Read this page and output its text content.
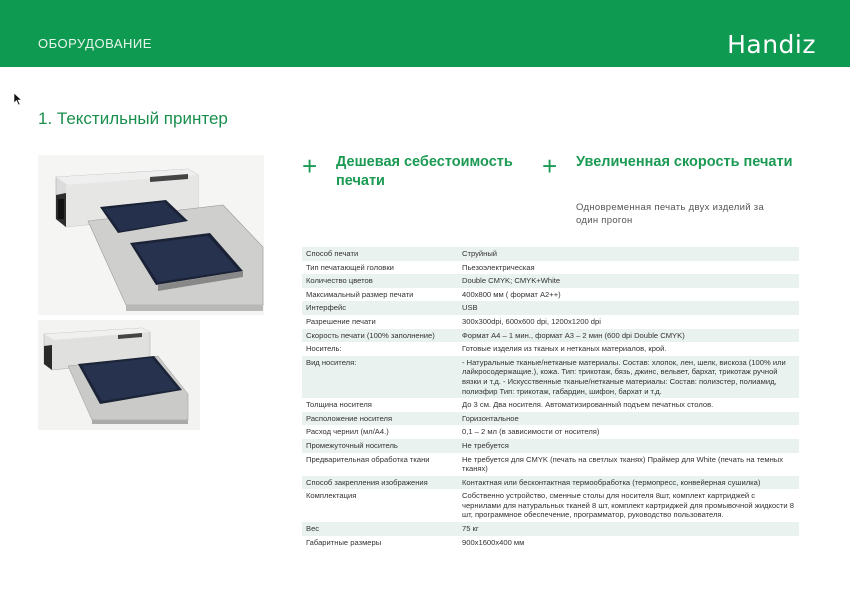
ОБОРУДОВАНИЕ	Handiz
1. Текстильный принтер
+ Дешевая себестоимость печати	+ Увеличенная скорость печати
Одновременная печать двух изделий за один прогон
Способ печати	Струйный
Тип печатающей головки	Пьезоэлектрическая
Количество цветов	Double CMYK; CMYK+White
Максимальный размер печати	400x800 мм ( формат A2++)
Интерфейс	USB
Разрешение печати	300x300dpi, 600x600 dpi, 1200x1200 dpi
Скорость печати (100% заполнение)	Формат А4 – 1 мин., формат А3 – 2 мин (600 dpi Double CMYK)
Носитель:	Готовые изделия из тканых и нетканых материалов, крой.
Вид носителя:	- Натуральные тканые/нетканые материалы. Состав: хлопок, лен, шелк, вискоза (100% или лайкросодержащие.), кожа. Тип: трикотаж, бязь, джинс, вельвет, бархат, трикотаж ручной вязки и т.д. - Искусственные тканые/нетканые материалы: Состав: полиэстер, полиамид, полиэфир Тип: трикотаж, габардин, шифон, бархат и т.д.
Толщина носителя	До 3 см. Два носителя. Автоматизированный подъем печатных столов.
Расположение носителя	Горизонтальное
Расход чернил (мл/А4.)	0,1 – 2 мл (в зависимости от носителя)
Промежуточный носитель	Не требуется
Предварительная обработка ткани	Не требуется для CMYK (печать на светлых тканях) Праймер для White (печать на темных тканях)
Способ закрепления изображения	Контактная или бесконтактная термообработка (термопресс, конвейерная сушилка)
Комплектация	Собственно устройство, сменные столы для носителя 8шт, комплект картриджей с чернилами для натуральных тканей 8 шт, комплект картриджей для промывочной жидкости 8 шт, программное обеспечение, программатор, руководство пользователя.
Вес	75 кг
Габаритные размеры	900x1600x400 мм
